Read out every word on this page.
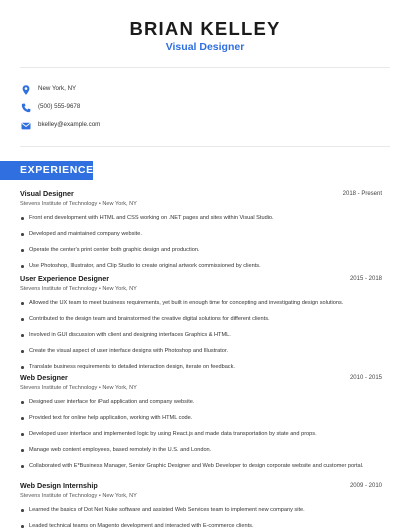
BRIAN KELLEY
Visual Designer
New York, NY
(500) 555-9678
bkelley@example.com
EXPERIENCE
Visual Designer	2018 - Present
Stevens Institute of Technology • New York, NY
Front end development with HTML and CSS working on .NET pages and sites within Visual Studio.
Developed and maintained company website.
Operate the center's print center both graphic design and production.
Use Photoshop, Illustrator, and Clip Studio to create original artwork commissioned by clients.
User Experience Designer	2015 - 2018
Stevens Institute of Technology • New York, NY
Allowed the UX team to meet business requirements, yet built in enough time for concepting and investigating design solutions.
Contributed to the design team and brainstormed the creative digital solutions for different clients.
Involved in GUI discussion with client and designing interfaces Graphics & HTML.
Create the visual aspect of user interface designs with Photoshop and Illustrator.
Translate business requirements to detailed interaction design, iterate on feedback.
Web Designer	2010 - 2015
Stevens Institute of Technology • New York, NY
Designed user interface for iPad application and company website.
Provided text for online help application, working with HTML code.
Developed user interface and implemented logic by using React.js and made data transportation by state and props.
Manage web content employees, based remotely in the U.S. and London.
Collaborated with E*Business Manager, Senior Graphic Designer and Web Developer to design corporate website and customer portal.
Web Design Internship	2009 - 2010
Stevens Institute of Technology • New York, NY
Learned the basics of Dot Net Nuke software and assisted Web Services team to implement new company site.
Leaded technical teams on Magento development and interacted with E-commerce clients.
